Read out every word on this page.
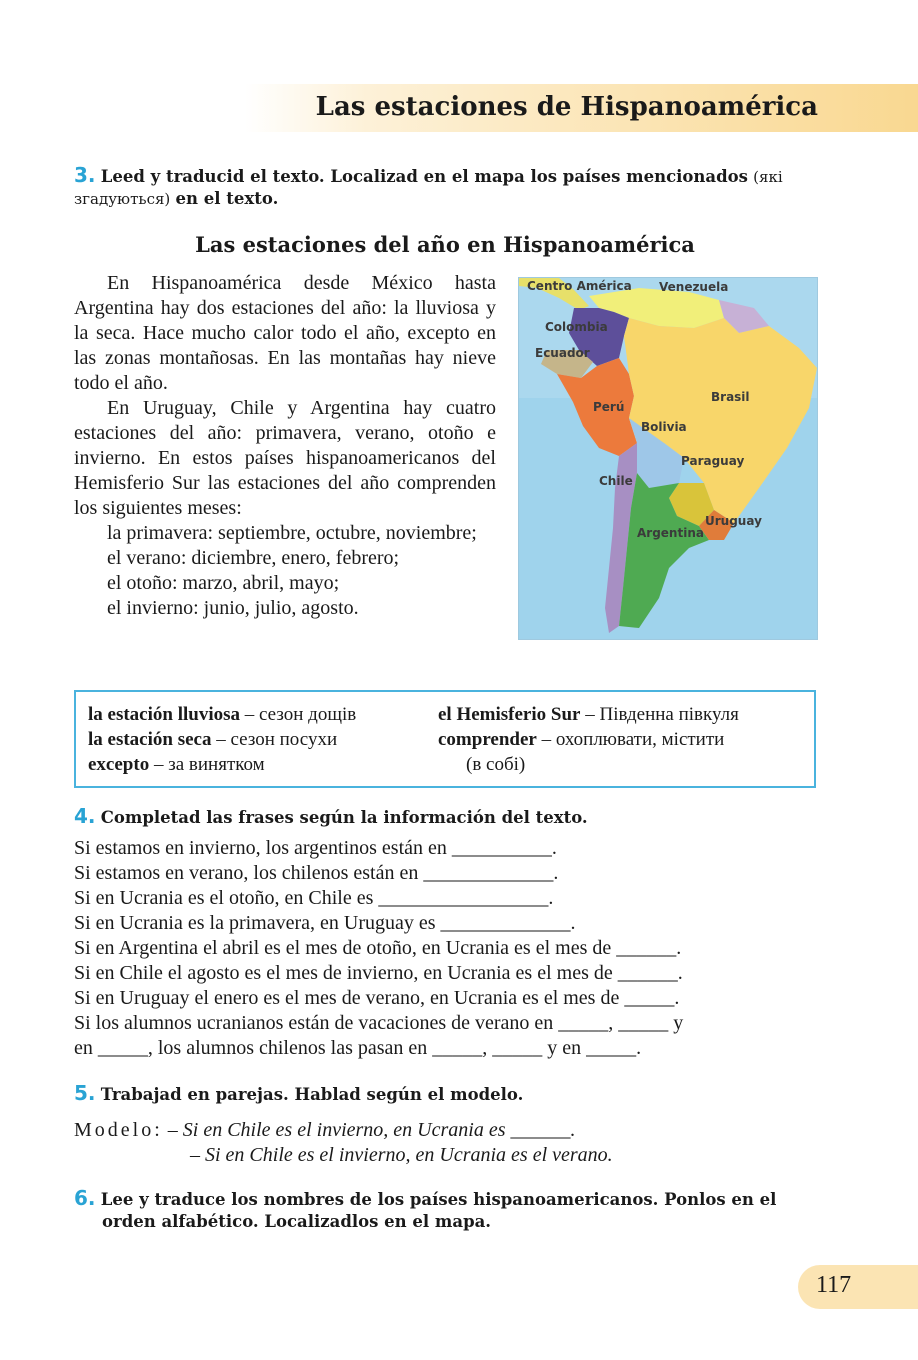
Las estaciones de Hispanoamérica
3. Leed y traducid el texto. Localizad en el mapa los países mencionados (які згадуються) en el texto.
Las estaciones del año en Hispanoamérica

En Hispanoamérica desde México hasta Argentina hay dos estaciones del año: la lluviosa y la seca. Hace mucho calor todo el año, excepto en las zonas montañosas. En las montañas hay nieve todo el año.

En Uruguay, Chile y Argentina hay cuatro estaciones del año: primavera, verano, otoño e invierno. En estos países hispanoamericanos del Hemisferio Sur las estaciones del año comprenden los siguientes meses:

la primavera: septiembre, octubre, noviembre;
el verano: diciembre, enero, febrero;
el otoño: marzo, abril, mayo;
el invierno: junio, julio, agosto.
Centro América Venezuela
Colombia
Ecuador
Brasil
Perú
Bolivia
Paraguay
Chile
Uruguay
Argentina
la estación lluviosa – сезон дощів
la estación seca – сезон посухи
excepto – за винятком
el Hemisferio Sur – Південна півкуля
comprender – охоплювати, містити
(в собі)
4. Completad las frases según la información del texto.
Si estamos en invierno, los argentinos están en __________.
Si estamos en verano, los chilenos están en _____________.
Si en Ucrania es el otoño, en Chile es _________________.
Si en Ucrania es la primavera, en Uruguay es _____________.
Si en Argentina el abril es el mes de otoño, en Ucrania es el mes de ______.
Si en Chile el agosto es el mes de invierno, en Ucrania es el mes de ______.
Si en Uruguay el enero es el mes de verano, en Ucrania es el mes de _____.
Si los alumnos ucranianos están de vacaciones de verano en _____, _____ y
en _____, los alumnos chilenos las pasan en _____, _____ y en _____.
5. Trabajad en parejas. Hablad según el modelo.
Modelo: – Si en Chile es el invierno, en Ucrania es ______.
– Si en Chile es el invierno, en Ucrania es el verano.
6. Lee y traduce los nombres de los países hispanoamericanos. Ponlos en el
orden alfabético. Localizadlos en el mapa.
117
